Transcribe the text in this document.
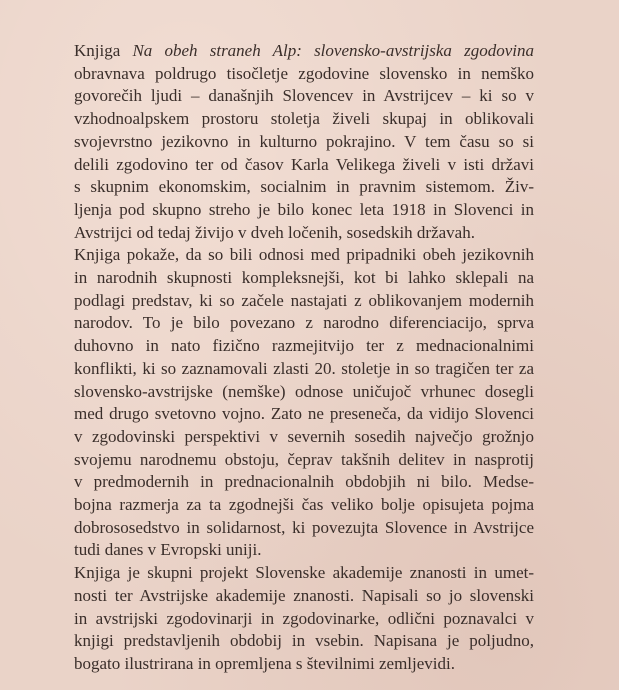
Knjiga Na obeh straneh Alp: slovensko-avstrijska zgodovina
obravnava poldrugo tisočletje zgodovine slovensko in nemško
govorečih ljudi – današnjih Slovencev in Avstrijcev – ki so v
vzhodnoalpskem prostoru stoletja živeli skupaj in oblikovali
svojevrstno jezikovno in kulturno pokrajino. V tem času so si
delili zgodovino ter od časov Karla Velikega živeli v isti državi
s skupnim ekonomskim, socialnim in pravnim sistemom. Živ-
ljenja pod skupno streho je bilo konec leta 1918 in Slovenci in
Avstrijci od tedaj živijo v dveh ločenih, sosedskih državah.
Knjiga pokaže, da so bili odnosi med pripadniki obeh jezikovnih
in narodnih skupnosti kompleksnejši, kot bi lahko sklepali na
podlagi predstav, ki so začele nastajati z oblikovanjem modernih
narodov. To je bilo povezano z narodno diferenciacijo, sprva
duhovno in nato fizično razmejitvijo ter z mednacionalnimi
konflikti, ki so zaznamovali zlasti 20. stoletje in so tragičen ter za
slovensko-avstrijske (nemške) odnose uničujoč vrhunec dosegli
med drugo svetovno vojno. Zato ne preseneča, da vidijo Slovenci
v zgodovinski perspektivi v severnih sosedih največjo grožnjo
svojemu narodnemu obstoju, čeprav takšnih delitev in nasprotij
v predmodernih in prednacionalnih obdobjih ni bilo. Medse-
bojna razmerja za ta zgodnejši čas veliko bolje opisujeta pojma
dobrososedstvo in solidarnost, ki povezujta Slovence in Avstrijce
tudi danes v Evropski uniji.
Knjiga je skupni projekt Slovenske akademije znanosti in umet-
nosti ter Avstrijske akademije znanosti. Napisali so jo slovenski
in avstrijski zgodovinarji in zgodovinarke, odlični poznavalci v
knjigi predstavljenih obdobij in vsebin. Napisana je poljudno,
bogato ilustrirana in opremljena s številnimi zemljevidi.
